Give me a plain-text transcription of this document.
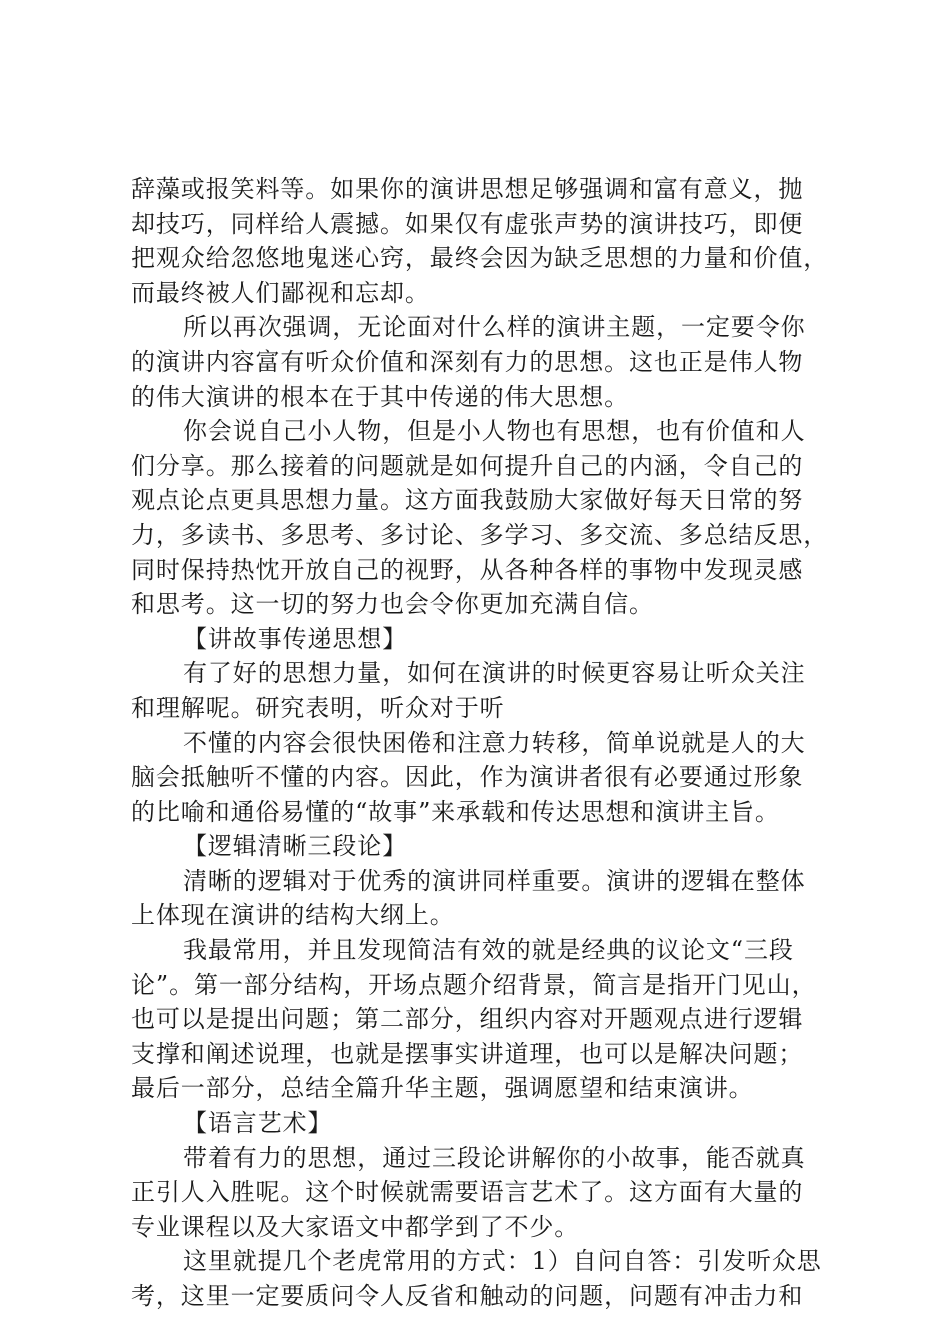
辞藻或报笑料等。如果你的演讲思想足够强调和富有意义，抛
却技巧，同样给人震撼。如果仅有虚张声势的演讲技巧，即便
把观众给忽悠地鬼迷心窍，最终会因为缺乏思想的力量和价值，
而最终被人们鄙视和忘却。
所以再次强调，无论面对什么样的演讲主题，一定要令你
的演讲内容富有听众价值和深刻有力的思想。这也正是伟人物
的伟大演讲的根本在于其中传递的伟大思想。
你会说自己小人物，但是小人物也有思想，也有价值和人
们分享。那么接着的问题就是如何提升自己的内涵，令自己的
观点论点更具思想力量。这方面我鼓励大家做好每天日常的努
力，多读书、多思考、多讨论、多学习、多交流、多总结反思，
同时保持热忱开放自己的视野，从各种各样的事物中发现灵感
和思考。这一切的努力也会令你更加充满自信。
【讲故事传递思想】
有了好的思想力量，如何在演讲的时候更容易让听众关注
和理解呢。研究表明，听众对于听
不懂的内容会很快困倦和注意力转移，简单说就是人的大
脑会抵触听不懂的内容。因此，作为演讲者很有必要通过形象
的比喻和通俗易懂的“故事”来承载和传达思想和演讲主旨。
【逻辑清晰三段论】
清晰的逻辑对于优秀的演讲同样重要。演讲的逻辑在整体
上体现在演讲的结构大纲上。
我最常用，并且发现简洁有效的就是经典的议论文“三段
论”。第一部分结构，开场点题介绍背景，简言是指开门见山，
也可以是提出问题；第二部分，组织内容对开题观点进行逻辑
支撑和阐述说理，也就是摆事实讲道理，也可以是解决问题；
最后一部分，总结全篇升华主题，强调愿望和结束演讲。
【语言艺术】
带着有力的思想，通过三段论讲解你的小故事，能否就真
正引人入胜呢。这个时候就需要语言艺术了。这方面有大量的
专业课程以及大家语文中都学到了不少。
这里就提几个老虎常用的方式：1）自问自答：引发听众思
考，这里一定要质问令人反省和触动的问题，问题有冲击力和
